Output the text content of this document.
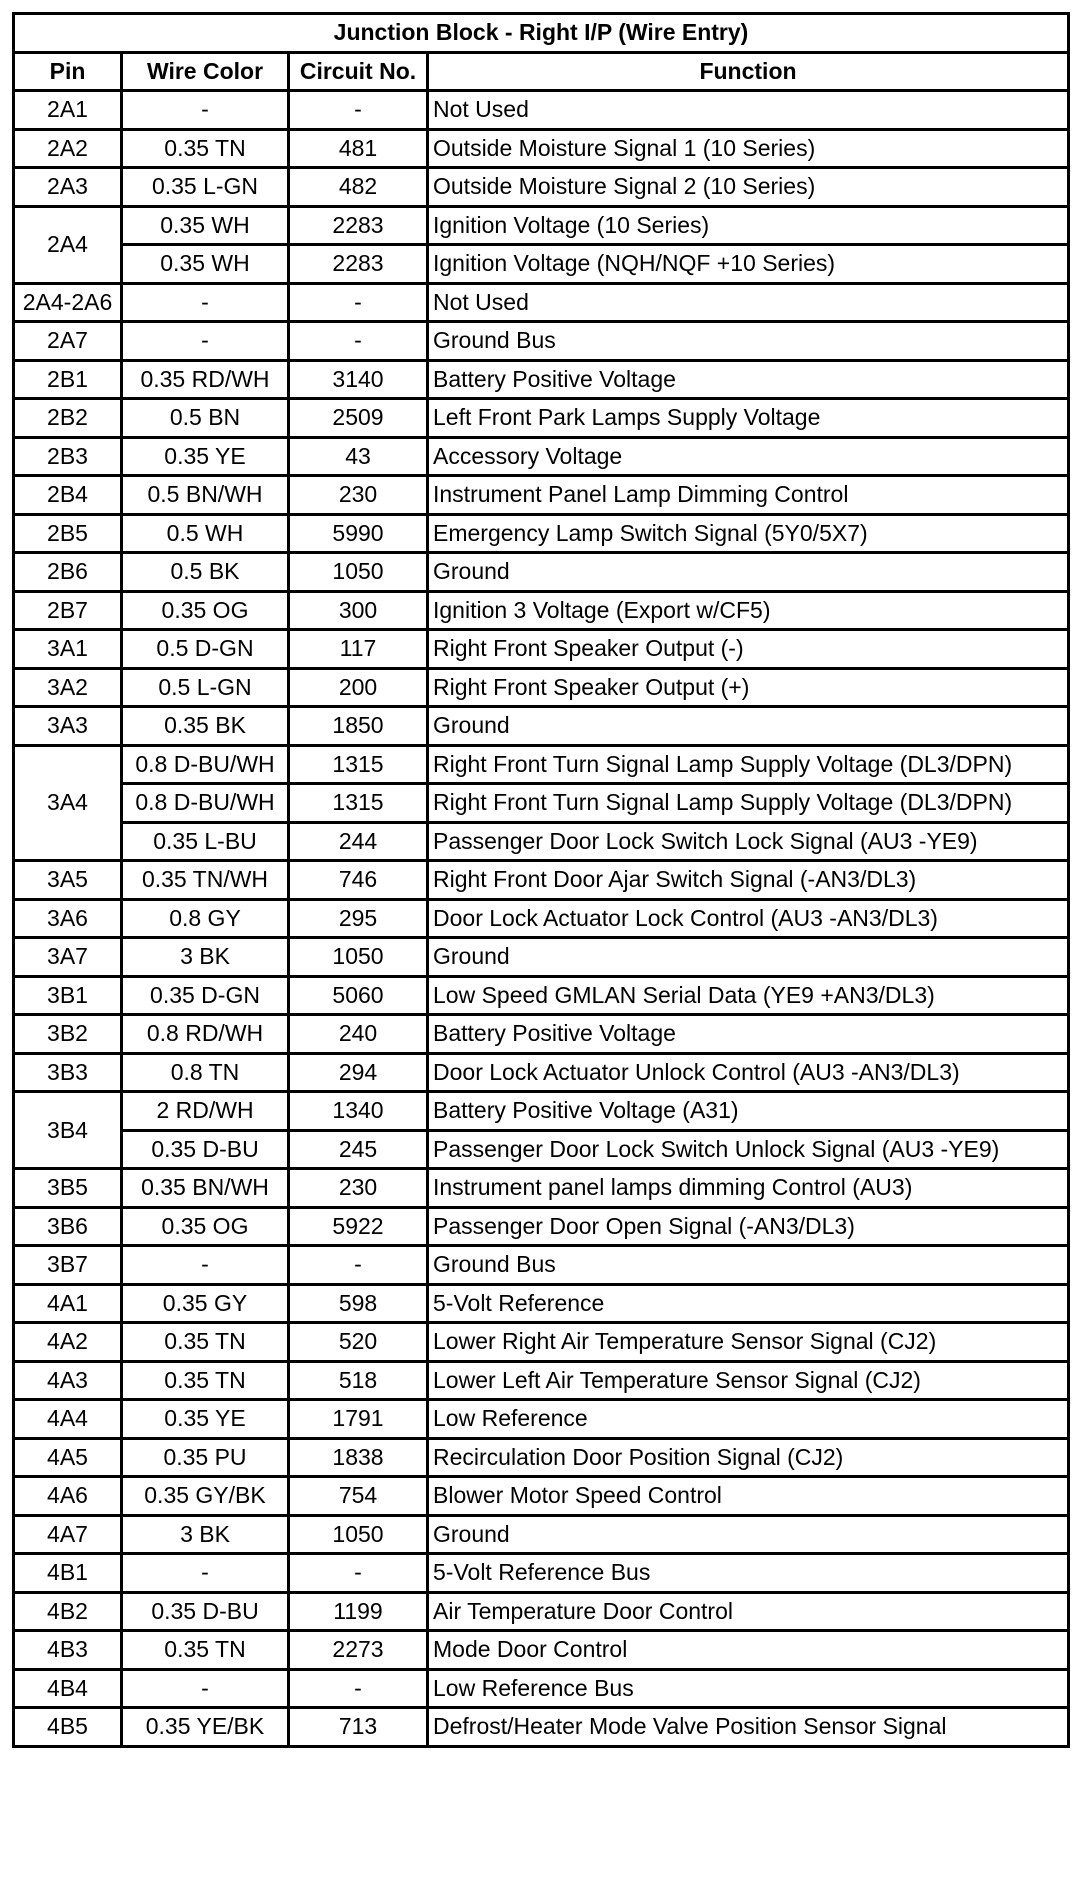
Junction Block - Right I/P (Wire Entry)			
Pin	Wire Color	Circuit No.	Function
2A1	-	-	Not Used
2A2	0.35 TN	481	Outside Moisture Signal 1 (10 Series)
2A3	0.35 L-GN	482	Outside Moisture Signal 2 (10 Series)
2A4	0.35 WH	2283	Ignition Voltage (10 Series)
	0.35 WH	2283	Ignition Voltage (NQH/NQF +10 Series)
2A4-2A6	-	-	Not Used
2A7	-	-	Ground Bus
2B1	0.35 RD/WH	3140	Battery Positive Voltage
2B2	0.5 BN	2509	Left Front Park Lamps Supply Voltage
2B3	0.35 YE	43	Accessory Voltage
2B4	0.5 BN/WH	230	Instrument Panel Lamp Dimming Control
2B5	0.5 WH	5990	Emergency Lamp Switch Signal (5Y0/5X7)
2B6	0.5 BK	1050	Ground
2B7	0.35 OG	300	Ignition 3 Voltage (Export w/CF5)
3A1	0.5 D-GN	117	Right Front Speaker Output (-)
3A2	0.5 L-GN	200	Right Front Speaker Output (+)
3A3	0.35 BK	1850	Ground
3A4	0.8 D-BU/WH	1315	Right Front Turn Signal Lamp Supply Voltage (DL3/DPN)
	0.8 D-BU/WH	1315	Right Front Turn Signal Lamp Supply Voltage (DL3/DPN)
	0.35 L-BU	244	Passenger Door Lock Switch Lock Signal (AU3 -YE9)
3A5	0.35 TN/WH	746	Right Front Door Ajar Switch Signal (-AN3/DL3)
3A6	0.8 GY	295	Door Lock Actuator Lock Control (AU3 -AN3/DL3)
3A7	3 BK	1050	Ground
3B1	0.35 D-GN	5060	Low Speed GMLAN Serial Data (YE9 +AN3/DL3)
3B2	0.8 RD/WH	240	Battery Positive Voltage
3B3	0.8 TN	294	Door Lock Actuator Unlock Control (AU3 -AN3/DL3)
3B4	2 RD/WH	1340	Battery Positive Voltage (A31)
	0.35 D-BU	245	Passenger Door Lock Switch Unlock Signal (AU3 -YE9)
3B5	0.35 BN/WH	230	Instrument panel lamps dimming Control (AU3)
3B6	0.35 OG	5922	Passenger Door Open Signal (-AN3/DL3)
3B7	-	-	Ground Bus
4A1	0.35 GY	598	5-Volt Reference
4A2	0.35 TN	520	Lower Right Air Temperature Sensor Signal (CJ2)
4A3	0.35 TN	518	Lower Left Air Temperature Sensor Signal (CJ2)
4A4	0.35 YE	1791	Low Reference
4A5	0.35 PU	1838	Recirculation Door Position Signal (CJ2)
4A6	0.35 GY/BK	754	Blower Motor Speed Control
4A7	3 BK	1050	Ground
4B1	-	-	5-Volt Reference Bus
4B2	0.35 D-BU	1199	Air Temperature Door Control
4B3	0.35 TN	2273	Mode Door Control
4B4	-	-	Low Reference Bus
4B5	0.35 YE/BK	713	Defrost/Heater Mode Valve Position Sensor Signal
